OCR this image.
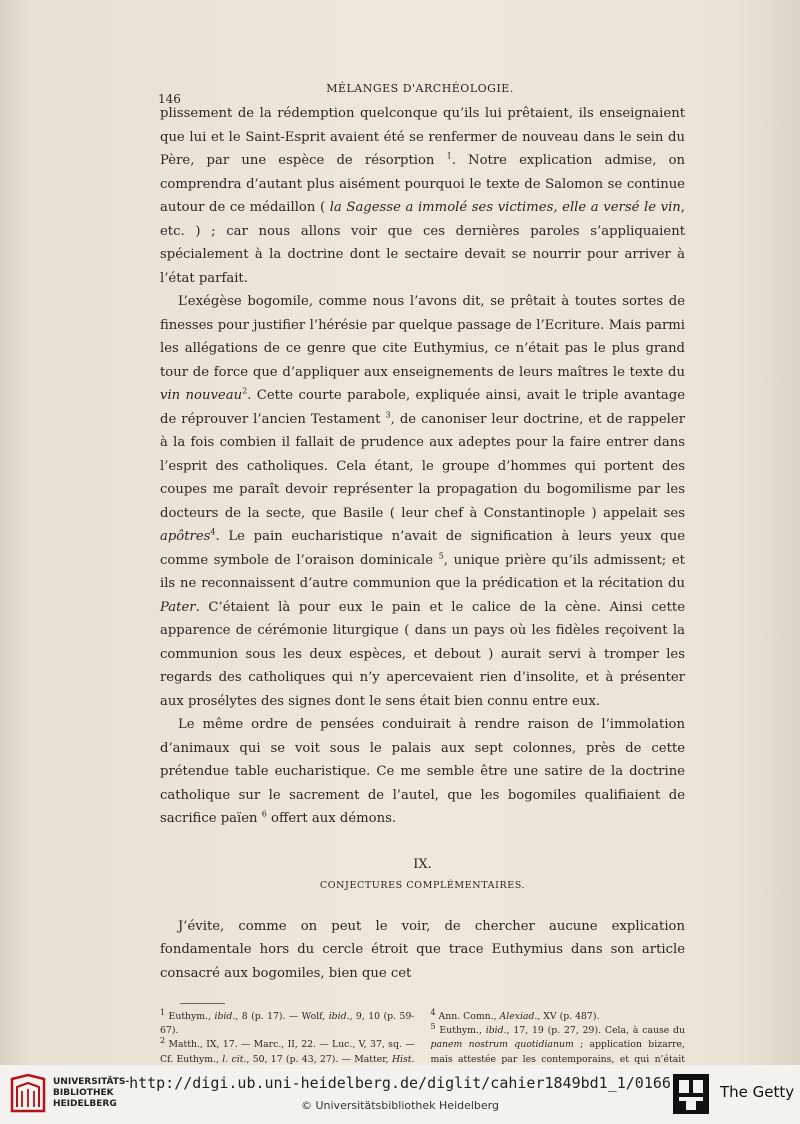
146
MÉLANGES D'ARCHÉOLOGIE.

plissement de la rédemption quelconque qu’ils lui prêtaient, ils enseignaient que lui et le Saint-Esprit avaient été se renfermer de nouveau dans le sein du Père, par une espèce de résorption $^1$. Notre explication admise, on comprendra d’autant plus aisément pourquoi le texte de Salomon se continue autour de ce médaillon ( la Sagesse a immolé ses victimes, elle a versé le vin, etc. ) ; car nous allons voir que ces dernières paroles s’appliquaient spécialement à la doctrine dont le sectaire devait se nourrir pour arriver à l’état parfait.

L’exégèse bogomile, comme nous l’avons dit, se prêtait à toutes sortes de finesses pour justifier l’hérésie par quelque passage de l’Ecriture. Mais parmi les allégations de ce genre que cite Euthymius, ce n’était pas le plus grand tour de force que d’appliquer aux enseignements de leurs maîtres le texte du vin nouveau$^2$. Cette courte parabole, expliquée ainsi, avait le triple avantage de réprouver l’ancien Testament $^3$, de canoniser leur doctrine, et de rappeler à la fois combien il fallait de prudence aux adeptes pour la faire entrer dans l’esprit des catholiques. Cela étant, le groupe d’hommes qui portent des coupes me paraît devoir représenter la propagation du bogomilisme par les docteurs de la secte, que Basile ( leur chef à Constantinople ) appelait ses apôtres$^4$. Le pain eucharistique n’avait de signification à leurs yeux que comme symbole de l’oraison dominicale $^5$, unique prière qu’ils admissent; et ils ne reconnaissent d’autre communion que la prédication et la récitation du Pater. C’étaient là pour eux le pain et le calice de la cène. Ainsi cette apparence de cérémonie liturgique ( dans un pays où les fidèles reçoivent la communion sous les deux espèces, et debout ) aurait servi à tromper les regards des catholiques qui n’y apercevaient rien d’insolite, et à présenter aux prosélytes des signes dont le sens était bien connu entre eux.

Le même ordre de pensées conduirait à rendre raison de l’immolation d’animaux qui se voit sous le palais aux sept colonnes, près de cette prétendue table eucharistique. Ce me semble être une satire de la doctrine catholique sur le sacrement de l’autel, que les bogomiles qualifiaient de sacrifice païen $^6$ offert aux démons.

IX.
CONJECTURES COMPLÉMENTAIRES.

J’évite, comme on peut le voir, de chercher aucune explication fondamentale hors du cercle étroit que trace Euthymius dans son article consacré aux bogomiles, bien que cet

$^1$ Euthym., ibid., 8 (p. 17). — Wolf, ibid., 9, 10 (p. 59-67).

$^2$ Matth., IX, 17. — Marc., II, 22. — Luc., V, 37, sq. — Cf. Euthym., l. cit., 50, 17 (p. 43, 27). — Matter, Hist.

$^4$ Ann. Comn., Alexiad., XV (p. 487).

$^5$ Euthym., ibid., 17, 19 (p. 27, 29). Cela, à cause du panem nostrum quotidianum ; application bizarre, mais attestée par les contemporains, et qui n’était

UNIVERSITÄTS-
BIBLIOTHEK
HEIDELBERG
http://digi.ub.uni-heidelberg.de/diglit/cahier1849bd1_1/0166
© Universitätsbibliothek Heidelberg
The Getty
